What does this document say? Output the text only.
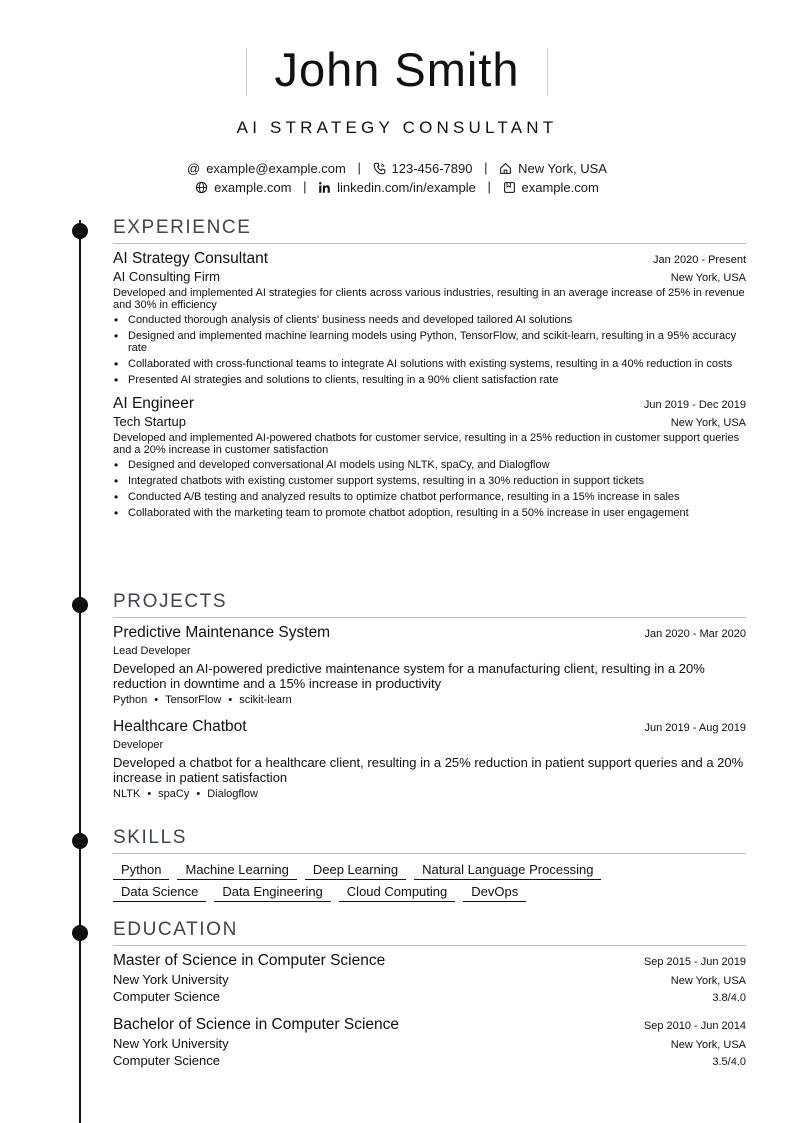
John Smith
AI STRATEGY CONSULTANT
@ example@example.com | 123-456-7890 | New York, USA
example.com | linkedin.com/in/example | example.com
EXPERIENCE
AI Strategy Consultant	Jan 2020 - Present
AI Consulting Firm	New York, USA
Developed and implemented AI strategies for clients across various industries, resulting in an average increase of 25% in revenue and 30% in efficiency
• Conducted thorough analysis of clients' business needs and developed tailored AI solutions
• Designed and implemented machine learning models using Python, TensorFlow, and scikit-learn, resulting in a 95% accuracy rate
• Collaborated with cross-functional teams to integrate AI solutions with existing systems, resulting in a 40% reduction in costs
• Presented AI strategies and solutions to clients, resulting in a 90% client satisfaction rate
AI Engineer	Jun 2019 - Dec 2019
Tech Startup	New York, USA
Developed and implemented AI-powered chatbots for customer service, resulting in a 25% reduction in customer support queries and a 20% increase in customer satisfaction
• Designed and developed conversational AI models using NLTK, spaCy, and Dialogflow
• Integrated chatbots with existing customer support systems, resulting in a 30% reduction in support tickets
• Conducted A/B testing and analyzed results to optimize chatbot performance, resulting in a 15% increase in sales
• Collaborated with the marketing team to promote chatbot adoption, resulting in a 50% increase in user engagement
PROJECTS
Predictive Maintenance System	Jan 2020 - Mar 2020
Lead Developer
Developed an AI-powered predictive maintenance system for a manufacturing client, resulting in a 20% reduction in downtime and a 15% increase in productivity
Python • TensorFlow • scikit-learn
Healthcare Chatbot	Jun 2019 - Aug 2019
Developer
Developed a chatbot for a healthcare client, resulting in a 25% reduction in patient support queries and a 20% increase in patient satisfaction
NLTK • spaCy • Dialogflow
SKILLS
Python	Machine Learning	Deep Learning	Natural Language Processing
Data Science	Data Engineering	Cloud Computing	DevOps
EDUCATION
Master of Science in Computer Science	Sep 2015 - Jun 2019
New York University	New York, USA
Computer Science	3.8/4.0
Bachelor of Science in Computer Science	Sep 2010 - Jun 2014
New York University	New York, USA
Computer Science	3.5/4.0
